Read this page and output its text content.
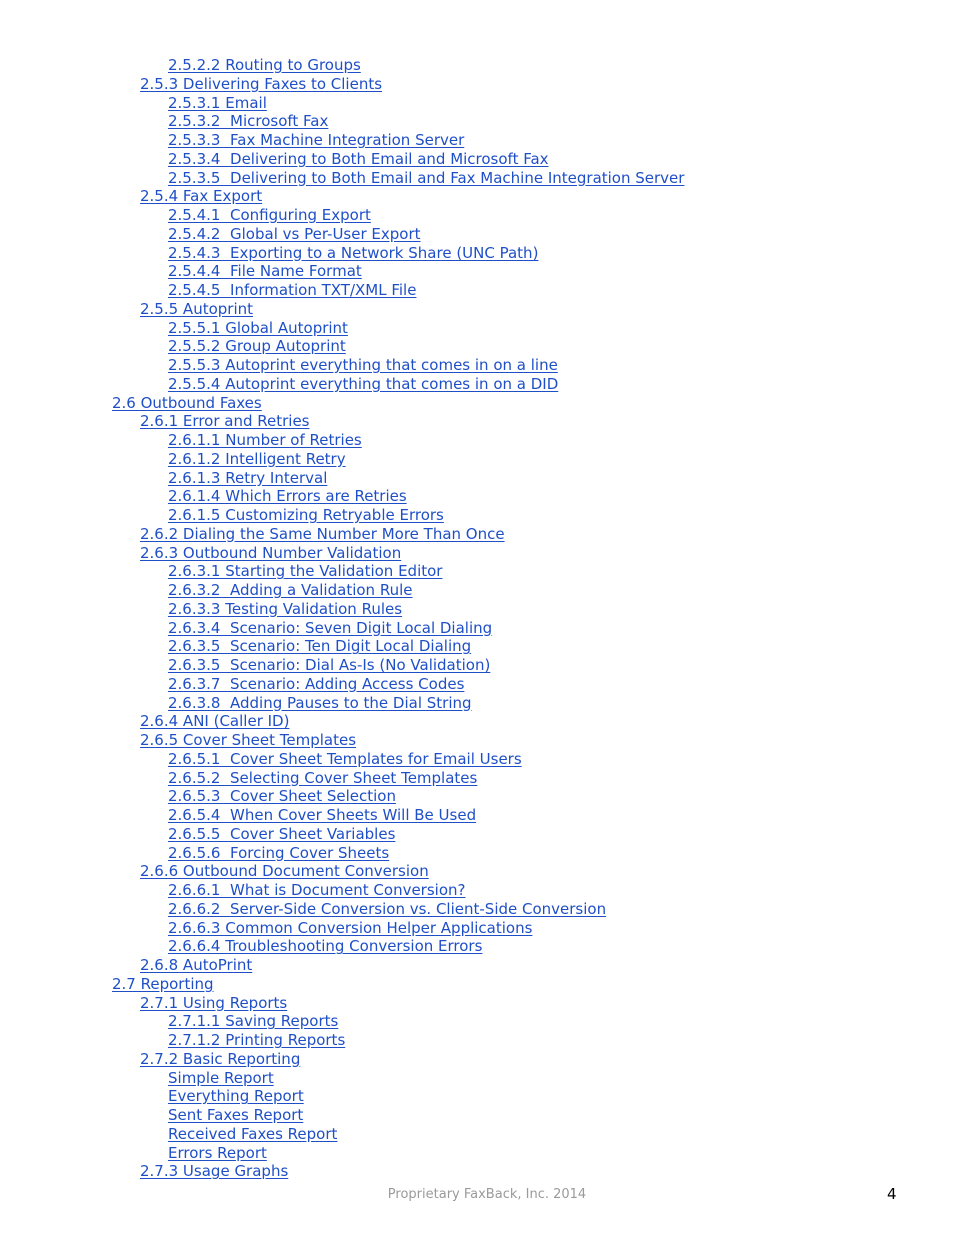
2.5.2.2 Routing to Groups
2.5.3 Delivering Faxes to Clients
2.5.3.1 Email
2.5.3.2  Microsoft Fax
2.5.3.3  Fax Machine Integration Server
2.5.3.4  Delivering to Both Email and Microsoft Fax
2.5.3.5  Delivering to Both Email and Fax Machine Integration Server
2.5.4 Fax Export
2.5.4.1  Configuring Export
2.5.4.2  Global vs Per-User Export
2.5.4.3  Exporting to a Network Share (UNC Path)
2.5.4.4  File Name Format
2.5.4.5  Information TXT/XML File
2.5.5 Autoprint
2.5.5.1 Global Autoprint
2.5.5.2 Group Autoprint
2.5.5.3 Autoprint everything that comes in on a line
2.5.5.4 Autoprint everything that comes in on a DID
2.6 Outbound Faxes
2.6.1 Error and Retries
2.6.1.1 Number of Retries
2.6.1.2 Intelligent Retry
2.6.1.3 Retry Interval
2.6.1.4 Which Errors are Retries
2.6.1.5 Customizing Retryable Errors
2.6.2 Dialing the Same Number More Than Once
2.6.3 Outbound Number Validation
2.6.3.1 Starting the Validation Editor
2.6.3.2  Adding a Validation Rule
2.6.3.3 Testing Validation Rules
2.6.3.4  Scenario: Seven Digit Local Dialing
2.6.3.5  Scenario: Ten Digit Local Dialing
2.6.3.5  Scenario: Dial As-Is (No Validation)
2.6.3.7  Scenario: Adding Access Codes
2.6.3.8  Adding Pauses to the Dial String
2.6.4 ANI (Caller ID)
2.6.5 Cover Sheet Templates
2.6.5.1  Cover Sheet Templates for Email Users
2.6.5.2  Selecting Cover Sheet Templates
2.6.5.3  Cover Sheet Selection
2.6.5.4  When Cover Sheets Will Be Used
2.6.5.5  Cover Sheet Variables
2.6.5.6  Forcing Cover Sheets
2.6.6 Outbound Document Conversion
2.6.6.1  What is Document Conversion?
2.6.6.2  Server-Side Conversion vs. Client-Side Conversion
2.6.6.3 Common Conversion Helper Applications
2.6.6.4 Troubleshooting Conversion Errors
2.6.8 AutoPrint
2.7 Reporting
2.7.1 Using Reports
2.7.1.1 Saving Reports
2.7.1.2 Printing Reports
2.7.2 Basic Reporting
Simple Report
Everything Report
Sent Faxes Report
Received Faxes Report
Errors Report
2.7.3 Usage Graphs
Proprietary FaxBack, Inc. 2014	4
